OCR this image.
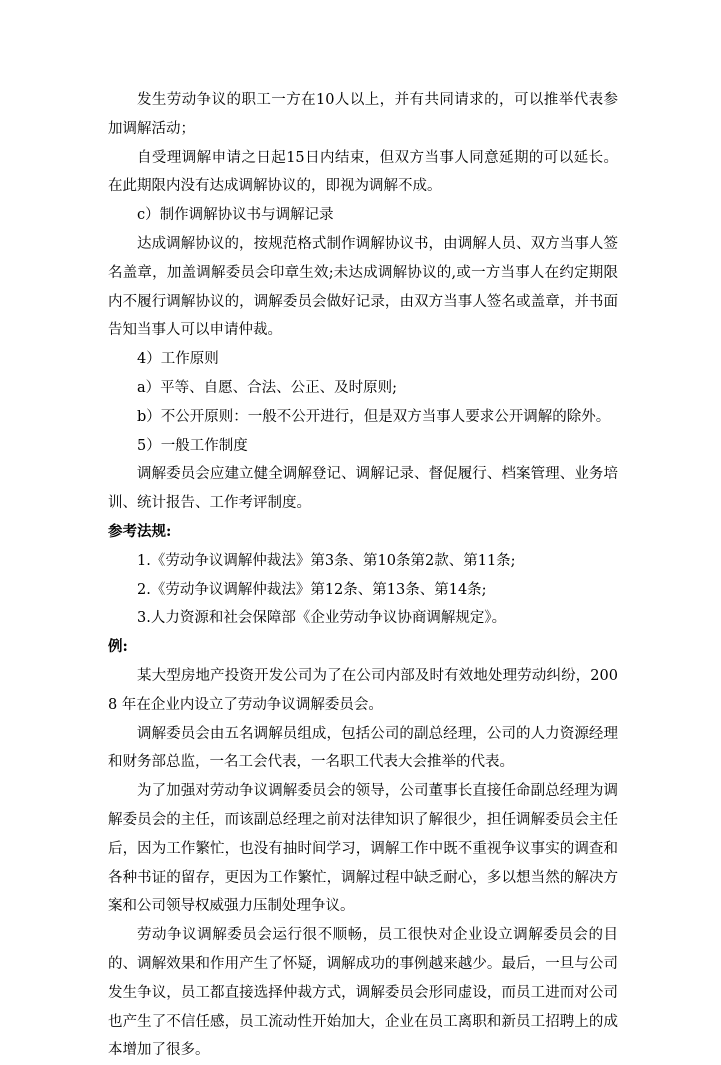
发生劳动争议的职工一方在10人以上，并有共同请求的，可以推举代表参加调解活动；

自受理调解申请之日起15日内结束，但双方当事人同意延期的可以延长。在此期限内没有达成调解协议的，即视为调解不成。

c）制作调解协议书与调解记录

达成调解协议的，按规范格式制作调解协议书，由调解人员、双方当事人签名盖章，加盖调解委员会印章生效;未达成调解协议的,或一方当事人在约定期限内不履行调解协议的，调解委员会做好记录，由双方当事人签名或盖章，并书面告知当事人可以申请仲裁。

4）工作原则

a）平等、自愿、合法、公正、及时原则;

b）不公开原则：一般不公开进行，但是双方当事人要求公开调解的除外。

5）一般工作制度

调解委员会应建立健全调解登记、调解记录、督促履行、档案管理、业务培训、统计报告、工作考评制度。

参考法规:

1.《劳动争议调解仲裁法》第3条、第10条第2款、第11条;

2.《劳动争议调解仲裁法》第12条、第13条、第14条;

3.人力资源和社会保障部《企业劳动争议协商调解规定》。

例:

某大型房地产投资开发公司为了在公司内部及时有效地处理劳动纠纷，2008 年在企业内设立了劳动争议调解委员会。

调解委员会由五名调解员组成，包括公司的副总经理，公司的人力资源经理和财务部总监，一名工会代表，一名职工代表大会推举的代表。

为了加强对劳动争议调解委员会的领导，公司董事长直接任命副总经理为调解委员会的主任，而该副总经理之前对法律知识了解很少，担任调解委员会主任后，因为工作繁忙，也没有抽时间学习，调解工作中既不重视争议事实的调查和各种书证的留存，更因为工作繁忙，调解过程中缺乏耐心，多以想当然的解决方案和公司领导权威强力压制处理争议。

劳动争议调解委员会运行很不顺畅，员工很快对企业设立调解委员会的目的、调解效果和作用产生了怀疑，调解成功的事例越来越少。最后，一旦与公司发生争议，员工都直接选择仲裁方式，调解委员会形同虚设，而员工进而对公司也产生了不信任感，员工流动性开始加大，企业在员工离职和新员工招聘上的成本增加了很多。
